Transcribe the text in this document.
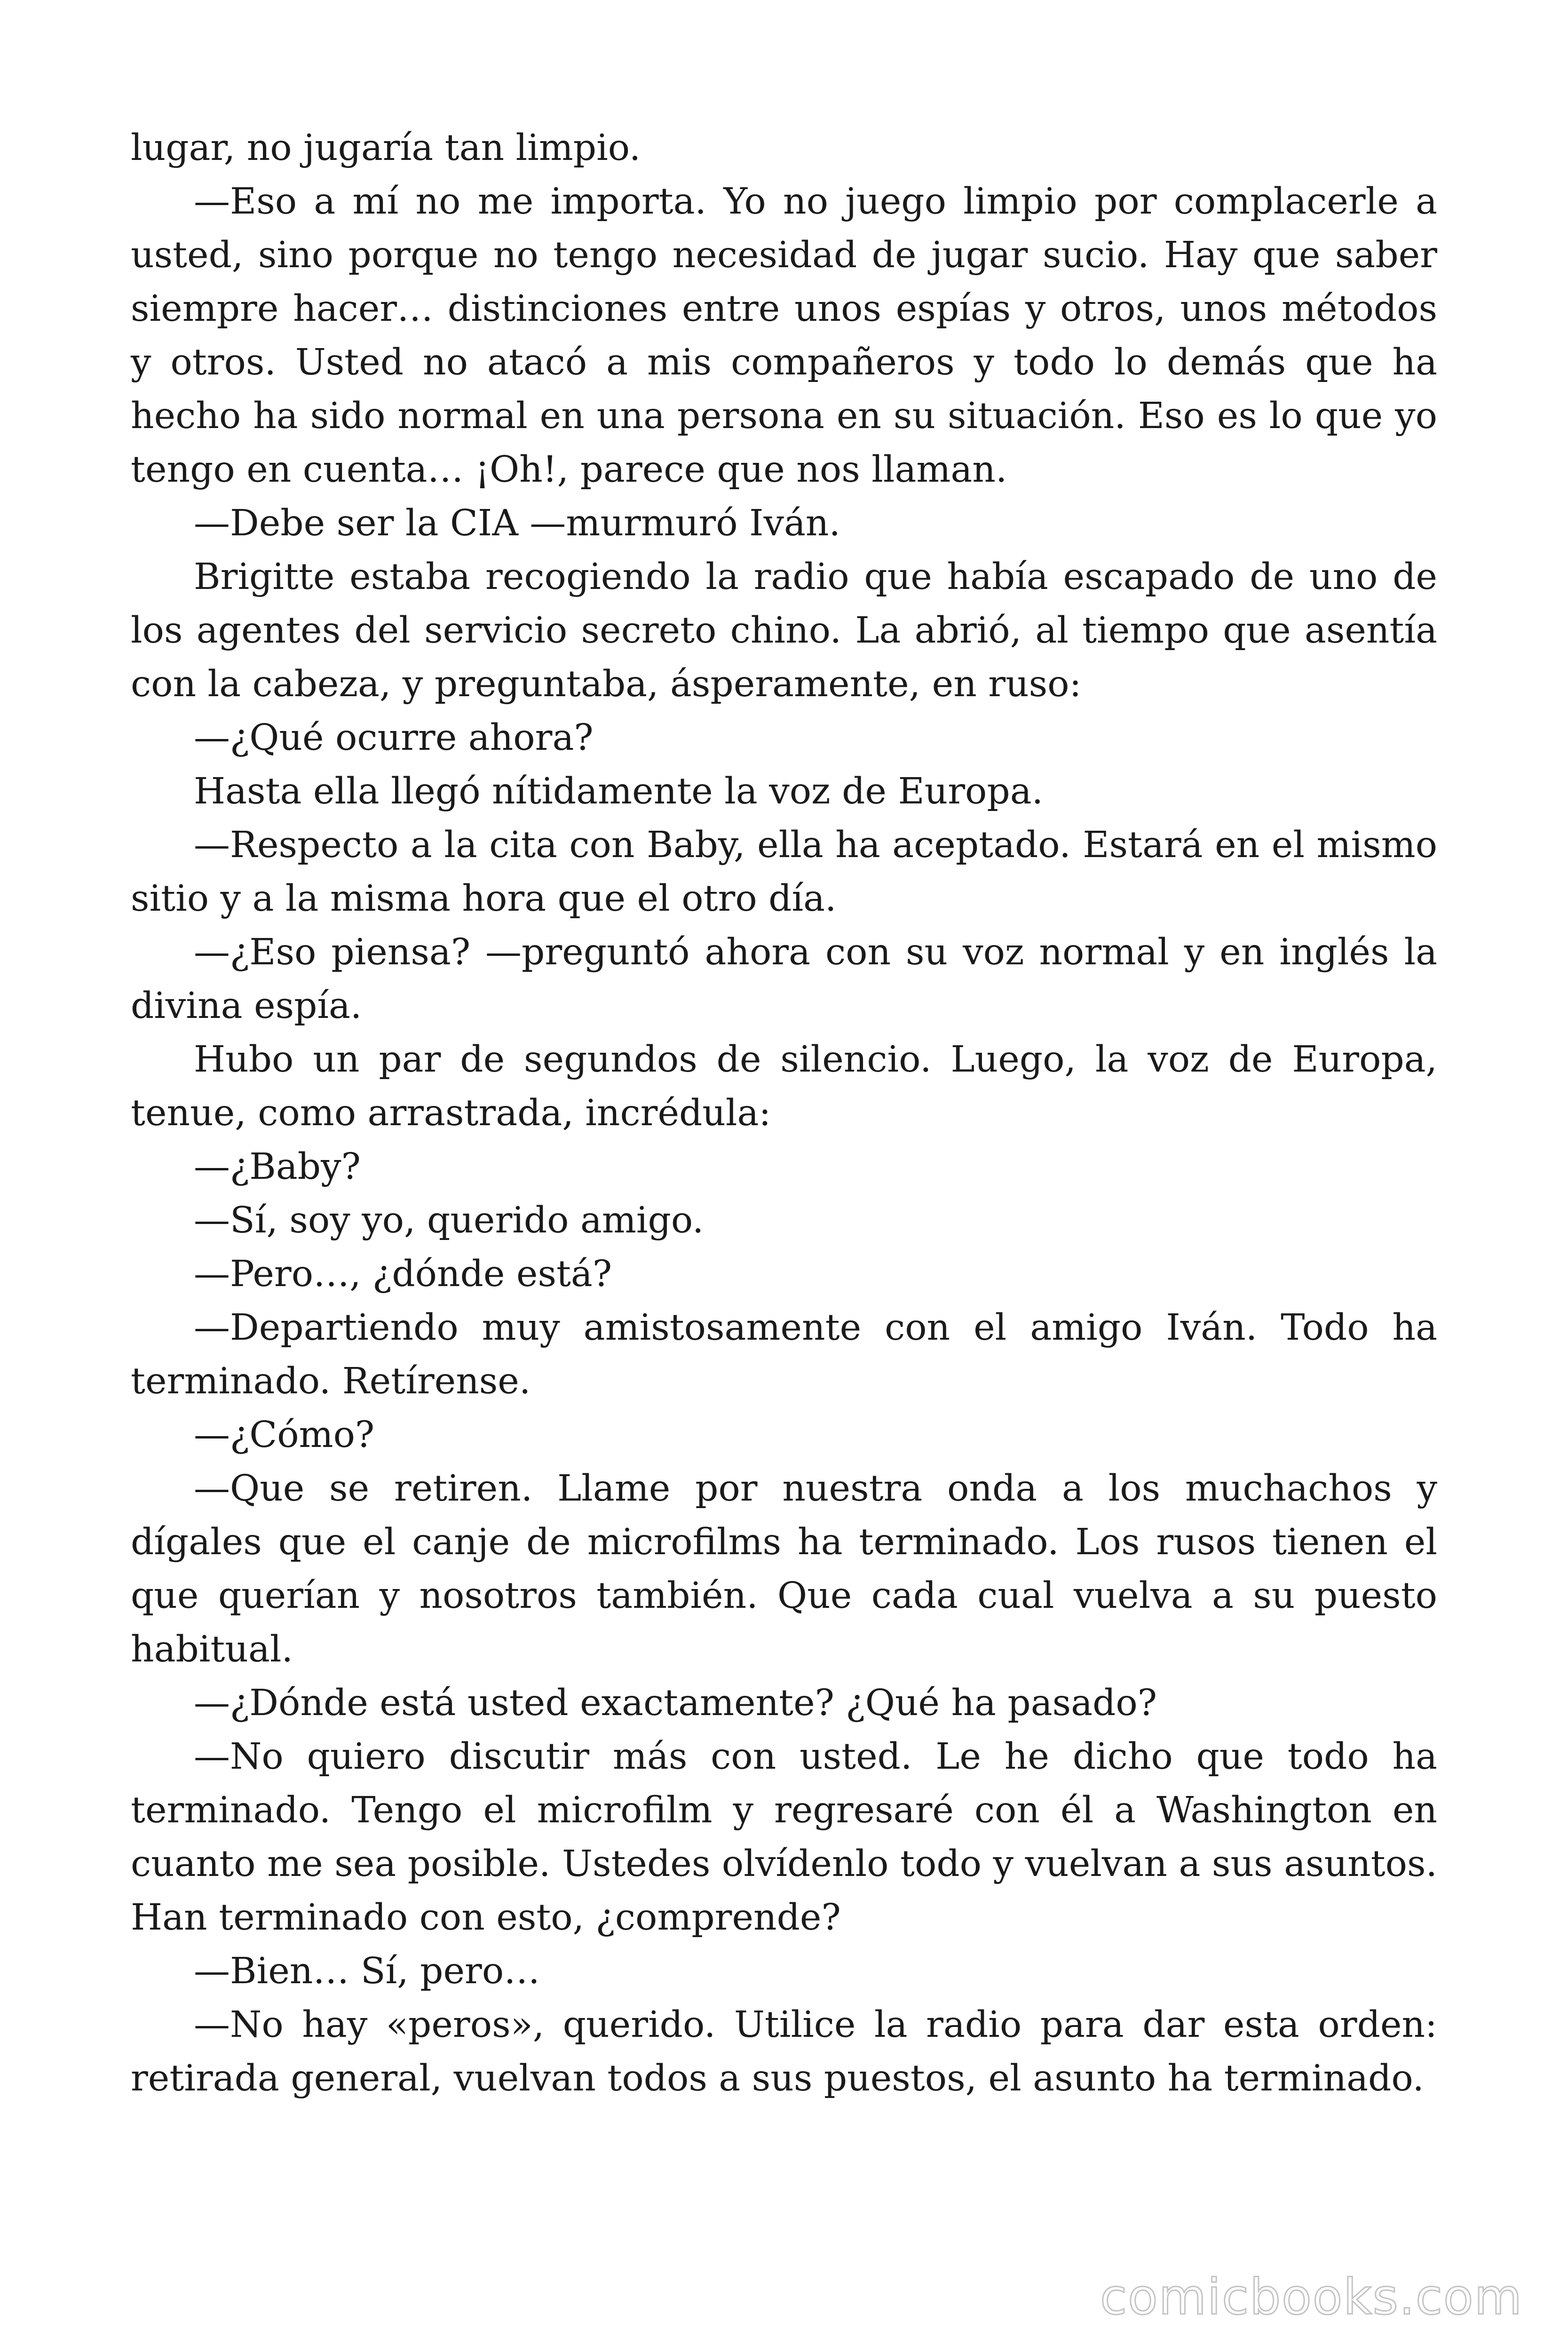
lugar, no jugaría tan limpio.

—Eso a mí no me importa. Yo no juego limpio por complacerle a usted, sino porque no tengo necesidad de jugar sucio. Hay que saber siempre hacer… distinciones entre unos espías y otros, unos métodos y otros. Usted no atacó a mis compañeros y todo lo demás que ha hecho ha sido normal en una persona en su situación. Eso es lo que yo tengo en cuenta… ¡Oh!, parece que nos llaman.

—Debe ser la CIA —murmuró Iván.

Brigitte estaba recogiendo la radio que había escapado de uno de los agentes del servicio secreto chino. La abrió, al tiempo que asentía con la cabeza, y preguntaba, ásperamente, en ruso:

—¿Qué ocurre ahora?

Hasta ella llegó nítidamente la voz de Europa.

—Respecto a la cita con Baby, ella ha aceptado. Estará en el mismo sitio y a la misma hora que el otro día.

—¿Eso piensa? —preguntó ahora con su voz normal y en inglés la divina espía.

Hubo un par de segundos de silencio. Luego, la voz de Europa, tenue, como arrastrada, incrédula:

—¿Baby?

—Sí, soy yo, querido amigo.

—Pero…, ¿dónde está?

—Departiendo muy amistosamente con el amigo Iván. Todo ha terminado. Retírense.

—¿Cómo?

—Que se retiren. Llame por nuestra onda a los muchachos y dígales que el canje de microfilms ha terminado. Los rusos tienen el que querían y nosotros también. Que cada cual vuelva a su puesto habitual.

—¿Dónde está usted exactamente? ¿Qué ha pasado?

—No quiero discutir más con usted. Le he dicho que todo ha terminado. Tengo el microfilm y regresaré con él a Washington en cuanto me sea posible. Ustedes olvídenlo todo y vuelvan a sus asuntos. Han terminado con esto, ¿comprende?

—Bien… Sí, pero…

—No hay «peros», querido. Utilice la radio para dar esta orden: retirada general, vuelvan todos a sus puestos, el asunto ha terminado.

comicbooks.com
